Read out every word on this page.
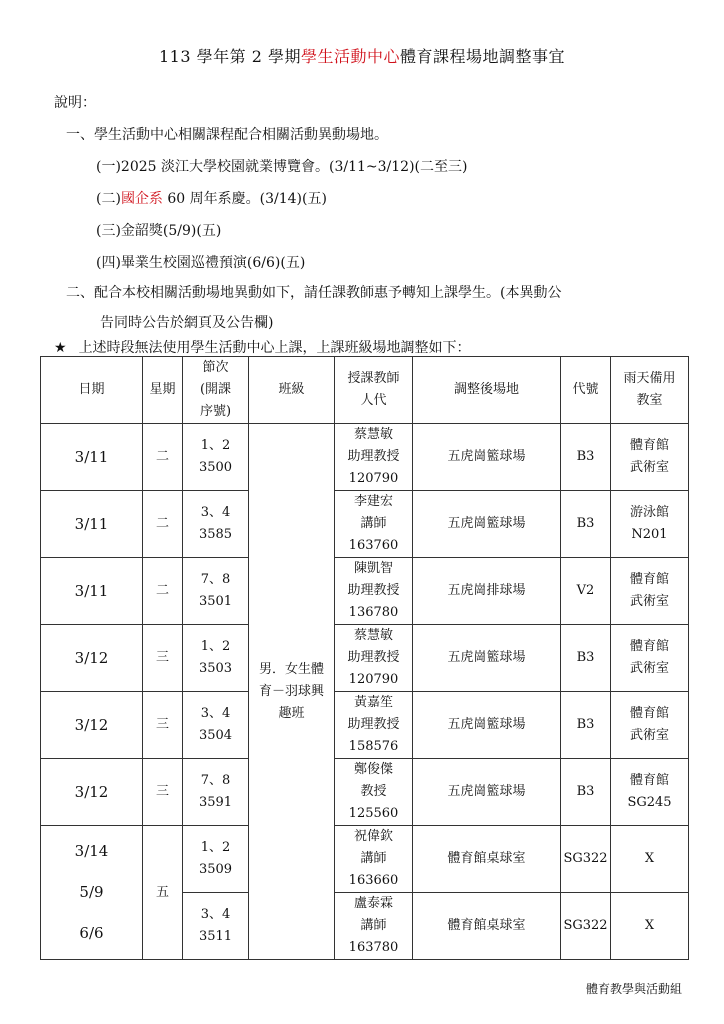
113 學年第 2 學期學生活動中心體育課程場地調整事宜
說明：
一、學生活動中心相關課程配合相關活動異動場地。
(一)2025 淡江大學校園就業博覽會。(3/11~3/12)(二至三)
(二)國企系 60 周年系慶。(3/14)(五)
(三)金韶獎(5/9)(五)
(四)畢業生校園巡禮預演(6/6)(五)
二、配合本校相關活動場地異動如下，請任課教師惠予轉知上課學生。(本異動公
告同時公告於網頁及公告欄)
★ 上述時段無法使用學生活動中心上課，上課班級場地調整如下：
日期	星期	節次
(開課
序號)	班級	授課教師
人代	調整後場地	代號	雨天備用
教室

3/11	二	1、2
3500	男．女生體
育－羽球興
趣班	蔡慧敏
助理教授
120790	五虎崗籃球場	B3	體育館
武術室

3/11	二	3、4
3585		李建宏
講師
163760	五虎崗籃球場	B3	游泳館
N201

3/11	二	7、8
3501		陳凱智
助理教授
136780	五虎崗排球場	V2	體育館
武術室

3/12	三	1、2
3503		蔡慧敏
助理教授
120790	五虎崗籃球場	B3	體育館
武術室

3/12	三	3、4
3504		黃嘉笙
助理教授
158576	五虎崗籃球場	B3	體育館
武術室

3/12	三	7、8
3591		鄭俊傑
教授
125560	五虎崗籃球場	B3	體育館
SG245

3/14
5/9
6/6	五	1、2
3509		祝偉欽
講師
163660	體育館桌球室	SG322	X

		3、4
3511		盧泰霖
講師
163780	體育館桌球室	SG322	X
體育教學與活動組
